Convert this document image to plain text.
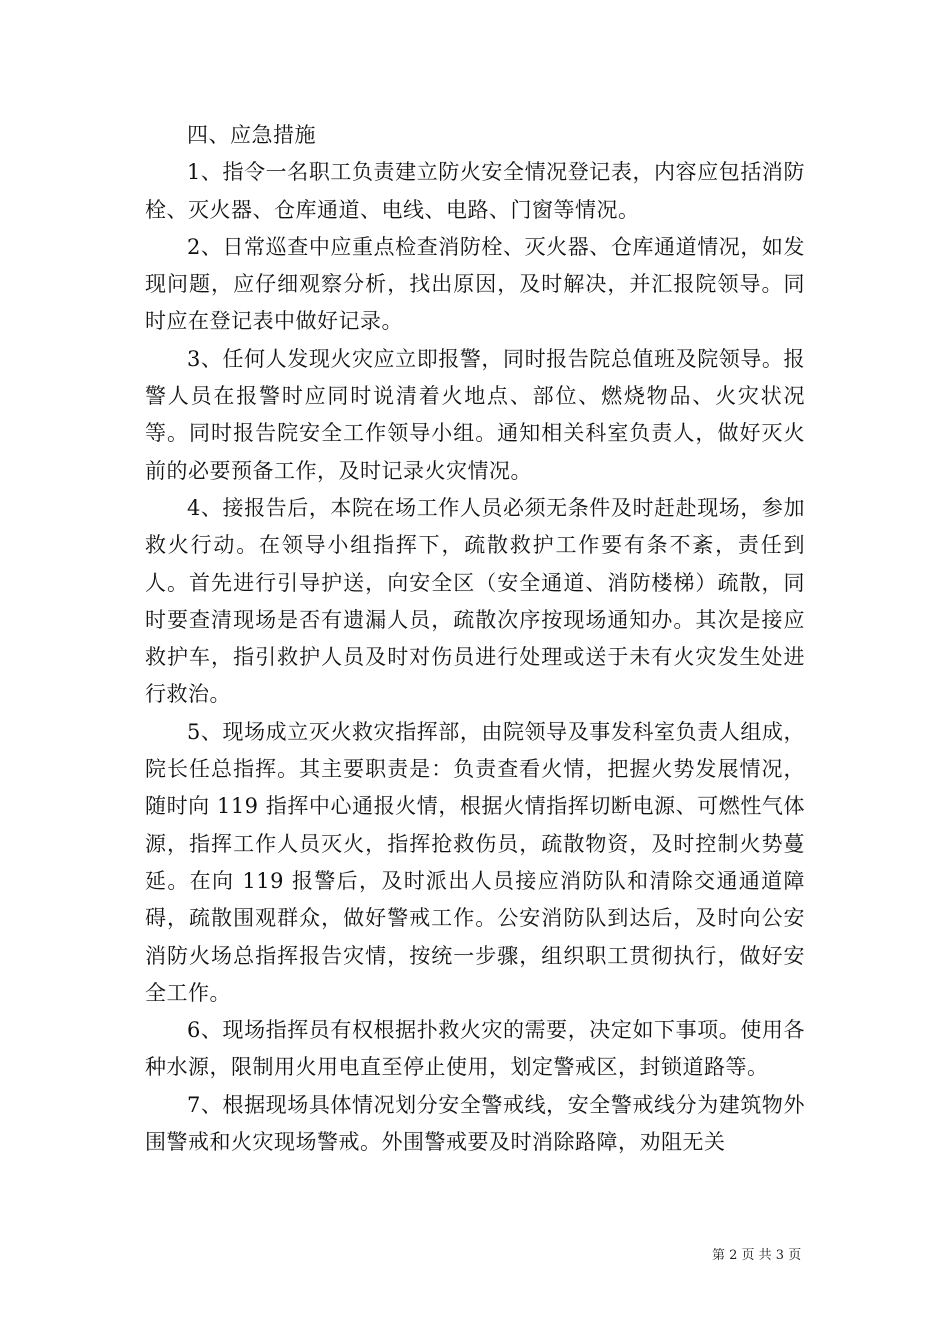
四、应急措施

1、指令一名职工负责建立防火安全情况登记表，内容应包括消防栓、灭火器、仓库通道、电线、电路、门窗等情况。

2、日常巡查中应重点检查消防栓、灭火器、仓库通道情况，如发现问题，应仔细观察分析，找出原因，及时解决，并汇报院领导。同时应在登记表中做好记录。

3、任何人发现火灾应立即报警，同时报告院总值班及院领导。报警人员在报警时应同时说清着火地点、部位、燃烧物品、火灾状况等。同时报告院安全工作领导小组。通知相关科室负责人，做好灭火前的必要预备工作，及时记录火灾情况。

4、接报告后，本院在场工作人员必须无条件及时赶赴现场，参加救火行动。在领导小组指挥下，疏散救护工作要有条不紊，责任到人。首先进行引导护送，向安全区（安全通道、消防楼梯）疏散，同时要查清现场是否有遗漏人员，疏散次序按现场通知办。其次是接应救护车，指引救护人员及时对伤员进行处理或送于未有火灾发生处进行救治。

5、现场成立灭火救灾指挥部，由院领导及事发科室负责人组成，院长任总指挥。其主要职责是：负责查看火情，把握火势发展情况，随时向 119 指挥中心通报火情，根据火情指挥切断电源、可燃性气体源，指挥工作人员灭火，指挥抢救伤员，疏散物资，及时控制火势蔓延。在向 119 报警后，及时派出人员接应消防队和清除交通通道障碍，疏散围观群众，做好警戒工作。公安消防队到达后，及时向公安消防火场总指挥报告灾情，按统一步骤，组织职工贯彻执行，做好安全工作。

6、现场指挥员有权根据扑救火灾的需要，决定如下事项。使用各种水源，限制用火用电直至停止使用，划定警戒区，封锁道路等。

7、根据现场具体情况划分安全警戒线，安全警戒线分为建筑物外围警戒和火灾现场警戒。外围警戒要及时消除路障，劝阻无关

第 2 页 共 3 页
